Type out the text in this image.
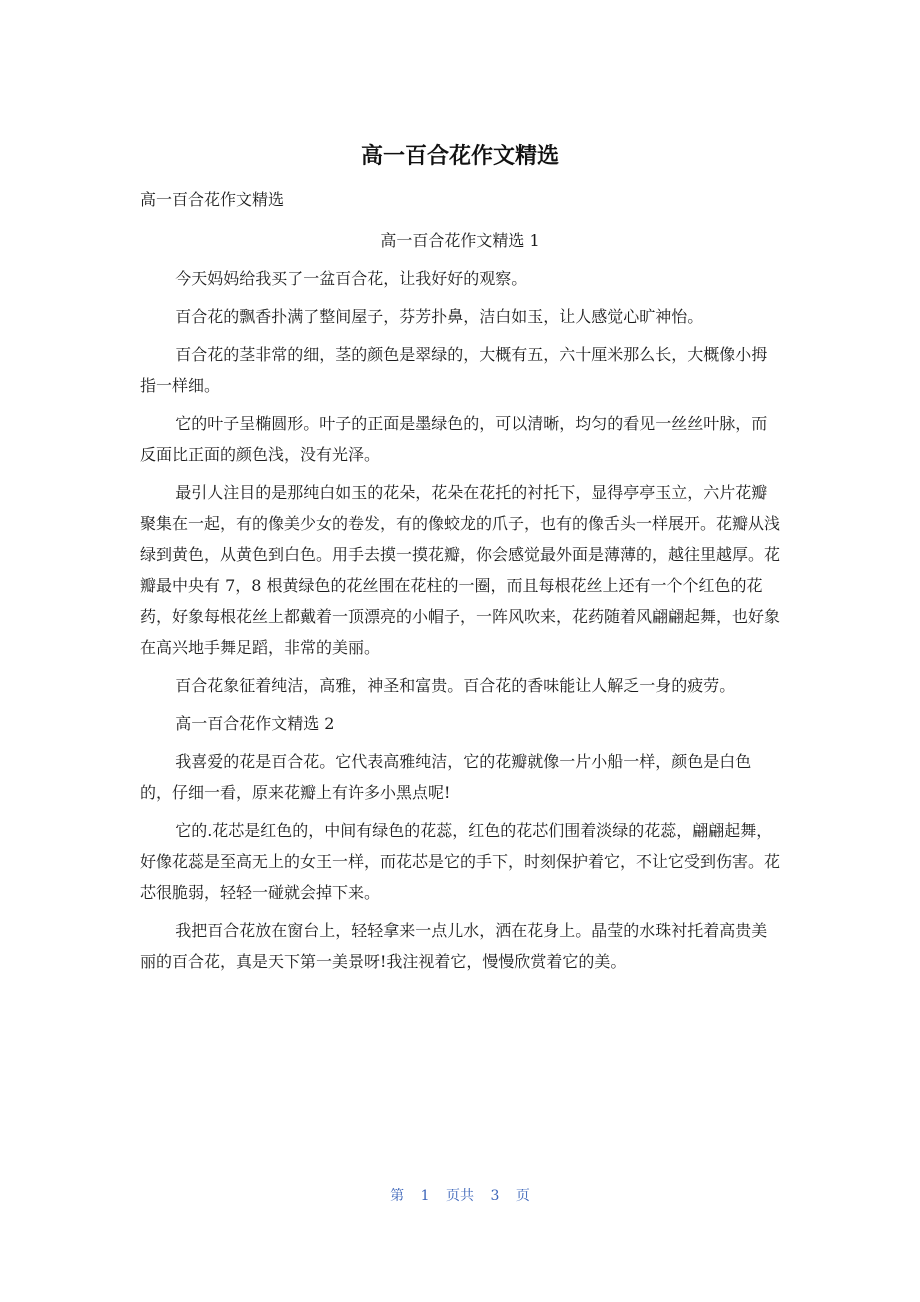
高一百合花作文精选
高一百合花作文精选

高一百合花作文精选 1

今天妈妈给我买了一盆百合花，让我好好的观察。

百合花的飘香扑满了整间屋子，芬芳扑鼻，洁白如玉，让人感觉心旷神怡。

百合花的茎非常的细，茎的颜色是翠绿的，大概有五，六十厘米那么长，大概像小拇指一样细。

它的叶子呈椭圆形。叶子的正面是墨绿色的，可以清晰，均匀的看见一丝丝叶脉，而反面比正面的颜色浅，没有光泽。

最引人注目的是那纯白如玉的花朵，花朵在花托的衬托下，显得亭亭玉立，六片花瓣聚集在一起，有的像美少女的卷发，有的像蛟龙的爪子，也有的像舌头一样展开。花瓣从浅绿到黄色，从黄色到白色。用手去摸一摸花瓣，你会感觉最外面是薄薄的，越往里越厚。花瓣最中央有 7，8 根黄绿色的花丝围在花柱的一圈，而且每根花丝上还有一个个红色的花药，好象每根花丝上都戴着一顶漂亮的小帽子，一阵风吹来，花药随着风翩翩起舞，也好象在高兴地手舞足蹈，非常的美丽。

百合花象征着纯洁，高雅，神圣和富贵。百合花的香味能让人解乏一身的疲劳。

高一百合花作文精选 2

我喜爱的花是百合花。它代表高雅纯洁，它的花瓣就像一片小船一样，颜色是白色的，仔细一看，原来花瓣上有许多小黑点呢!

它的.花芯是红色的，中间有绿色的花蕊，红色的花芯们围着淡绿的花蕊，翩翩起舞，好像花蕊是至高无上的女王一样，而花芯是它的手下，时刻保护着它，不让它受到伤害。花芯很脆弱，轻轻一碰就会掉下来。

我把百合花放在窗台上，轻轻拿来一点儿水，洒在花身上。晶莹的水珠衬托着高贵美丽的百合花，真是天下第一美景呀!我注视着它，慢慢欣赏着它的美。

第 1 页共 3 页
